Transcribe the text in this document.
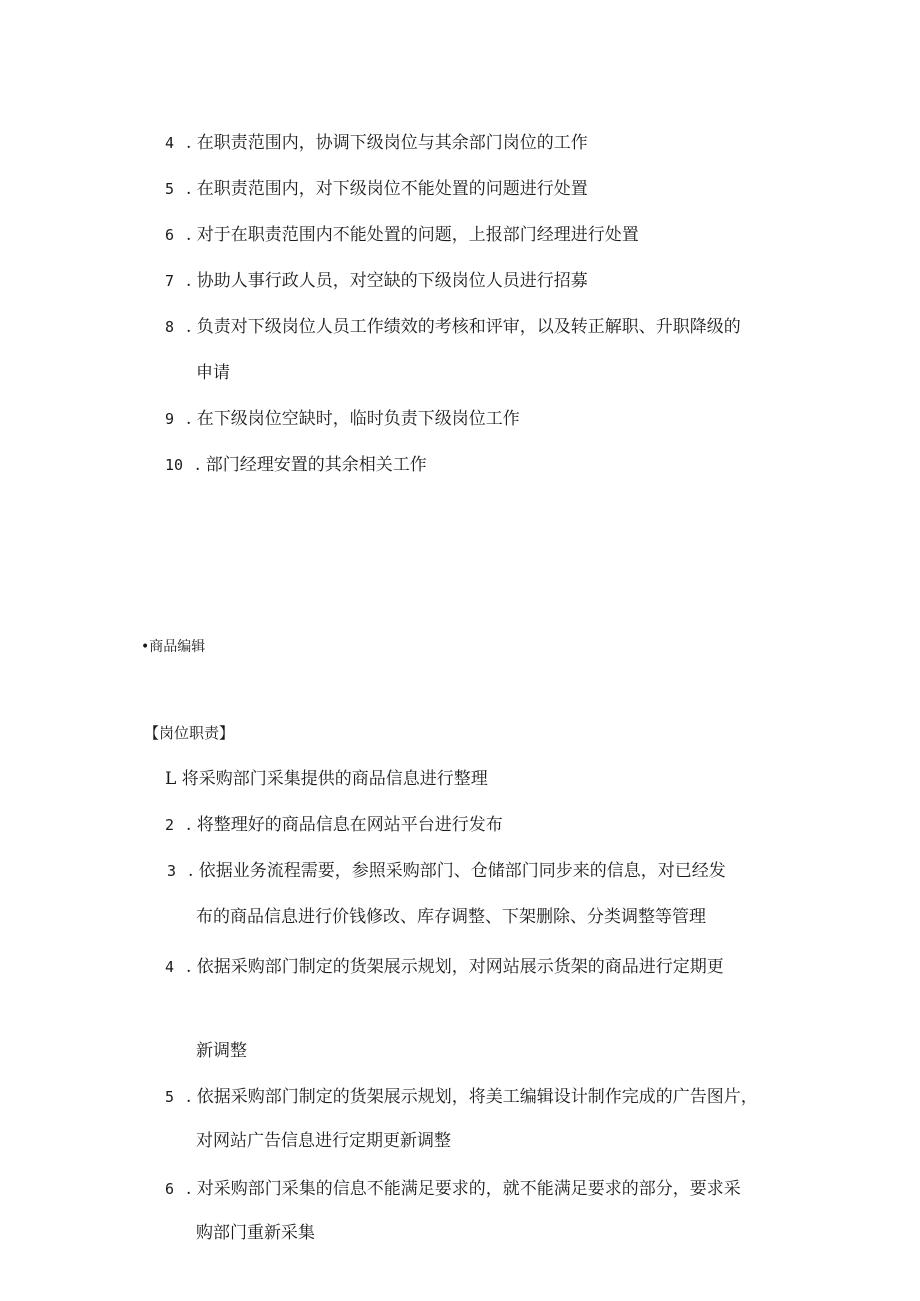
4 . 在职责范围内，协调下级岗位与其余部门岗位的工作
5 . 在职责范围内，对下级岗位不能处置的问题进行处置
6 . 对于在职责范围内不能处置的问题，上报部门经理进行处置
7 . 协助人事行政人员，对空缺的下级岗位人员进行招募
8 . 负责对下级岗位人员工作绩效的考核和评审，以及转正解职、升职降级的
申请
9 . 在下级岗位空缺时，临时负责下级岗位工作
10 . 部门经理安置的其余相关工作
•商品编辑
【岗位职责】
L 将采购部门采集提供的商品信息进行整理
2 . 将整理好的商品信息在网站平台进行发布
3 . 依据业务流程需要，参照采购部门、仓储部门同步来的信息，对已经发
布的商品信息进行价钱修改、库存调整、下架删除、分类调整等管理
4 . 依据采购部门制定的货架展示规划，对网站展示货架的商品进行定期更
新调整
5 . 依据采购部门制定的货架展示规划，将美工编辑设计制作完成的广告图片，
对网站广告信息进行定期更新调整
6 . 对采购部门采集的信息不能满足要求的，就不能满足要求的部分，要求采
购部门重新采集
